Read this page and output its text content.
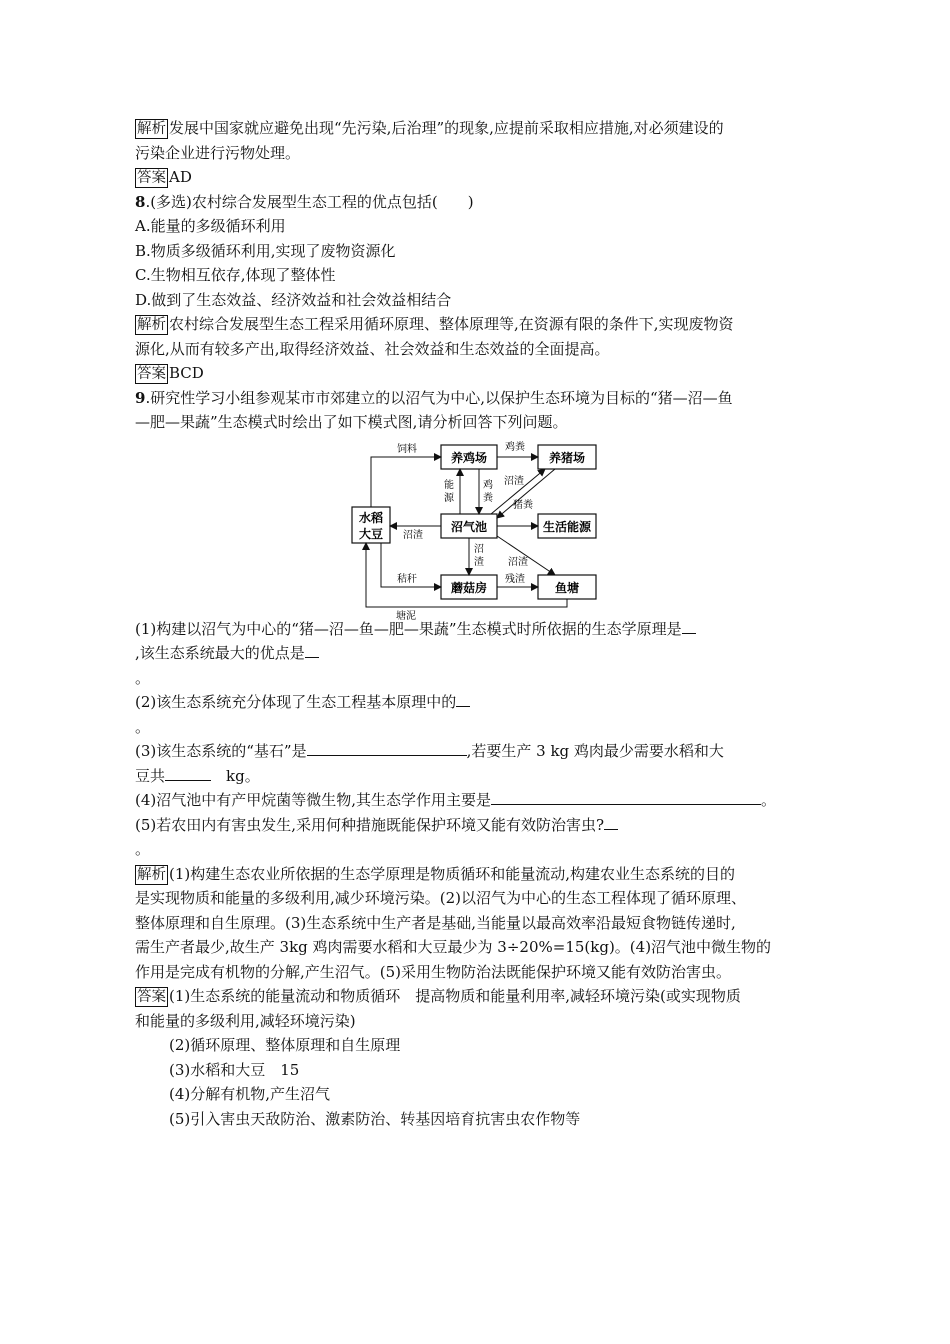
解析 发展中国家就应避免出现“先污染,后治理”的现象,应提前采取相应措施,对必须建设的
污染企业进行污物处理。
答案 AD
8.(多选)农村综合发展型生态工程的优点包括(　　)
A.能量的多级循环利用
B.物质多级循环利用,实现了废物资源化
C.生物相互依存,体现了整体性
D.做到了生态效益、经济效益和社会效益相结合
解析 农村综合发展型生态工程采用循环原理、整体原理等,在资源有限的条件下,实现废物资
源化,从而有较多产出,取得经济效益、社会效益和生态效益的全面提高。
答案 BCD
9.研究性学习小组参观某市市郊建立的以沼气为中心,以保护生态环境为目标的“猪—沼—鱼
—肥—果蔬”生态模式时绘出了如下模式图,请分析回答下列问题。
水稻
大豆
养鸡场	养猪场
沼气池	生活能源
蘑菇房	鱼塘
饲料	鸡粪
能
源
鸡
粪
沼渣
猪粪
沼渣
沼
渣 沼渣
秸秆	残渣
塘泥
(1)构建以沼气为中心的“猪—沼—鱼—肥—果蔬”生态模式时所依据的生态学原理是
,该生态系统最大的优点是
。
(2)该生态系统充分体现了生态工程基本原理中的
。
(3)该生态系统的“基石”是	,若要生产 3 kg 鸡肉最少需要水稻和大
豆共	　kg。
(4)沼气池中有产甲烷菌等微生物,其生态学作用主要是	。
(5)若农田内有害虫发生,采用何种措施既能保护环境又能有效防治害虫?
。
解析 (1)构建生态农业所依据的生态学原理是物质循环和能量流动,构建农业生态系统的目的
是实现物质和能量的多级利用,减少环境污染。(2)以沼气为中心的生态工程体现了循环原理、
整体原理和自生原理。(3)生态系统中生产者是基础,当能量以最高效率沿最短食物链传递时,
需生产者最少,故生产 3kg 鸡肉需要水稻和大豆最少为 3÷20%=15(kg)。(4)沼气池中微生物的
作用是完成有机物的分解,产生沼气。(5)采用生物防治法既能保护环境又能有效防治害虫。
答案 (1)生态系统的能量流动和物质循环　提高物质和能量利用率,减轻环境污染(或实现物质
和能量的多级利用,减轻环境污染)
(2)循环原理、整体原理和自生原理
(3)水稻和大豆　15
(4)分解有机物,产生沼气
(5)引入害虫天敌防治、激素防治、转基因培育抗害虫农作物等
